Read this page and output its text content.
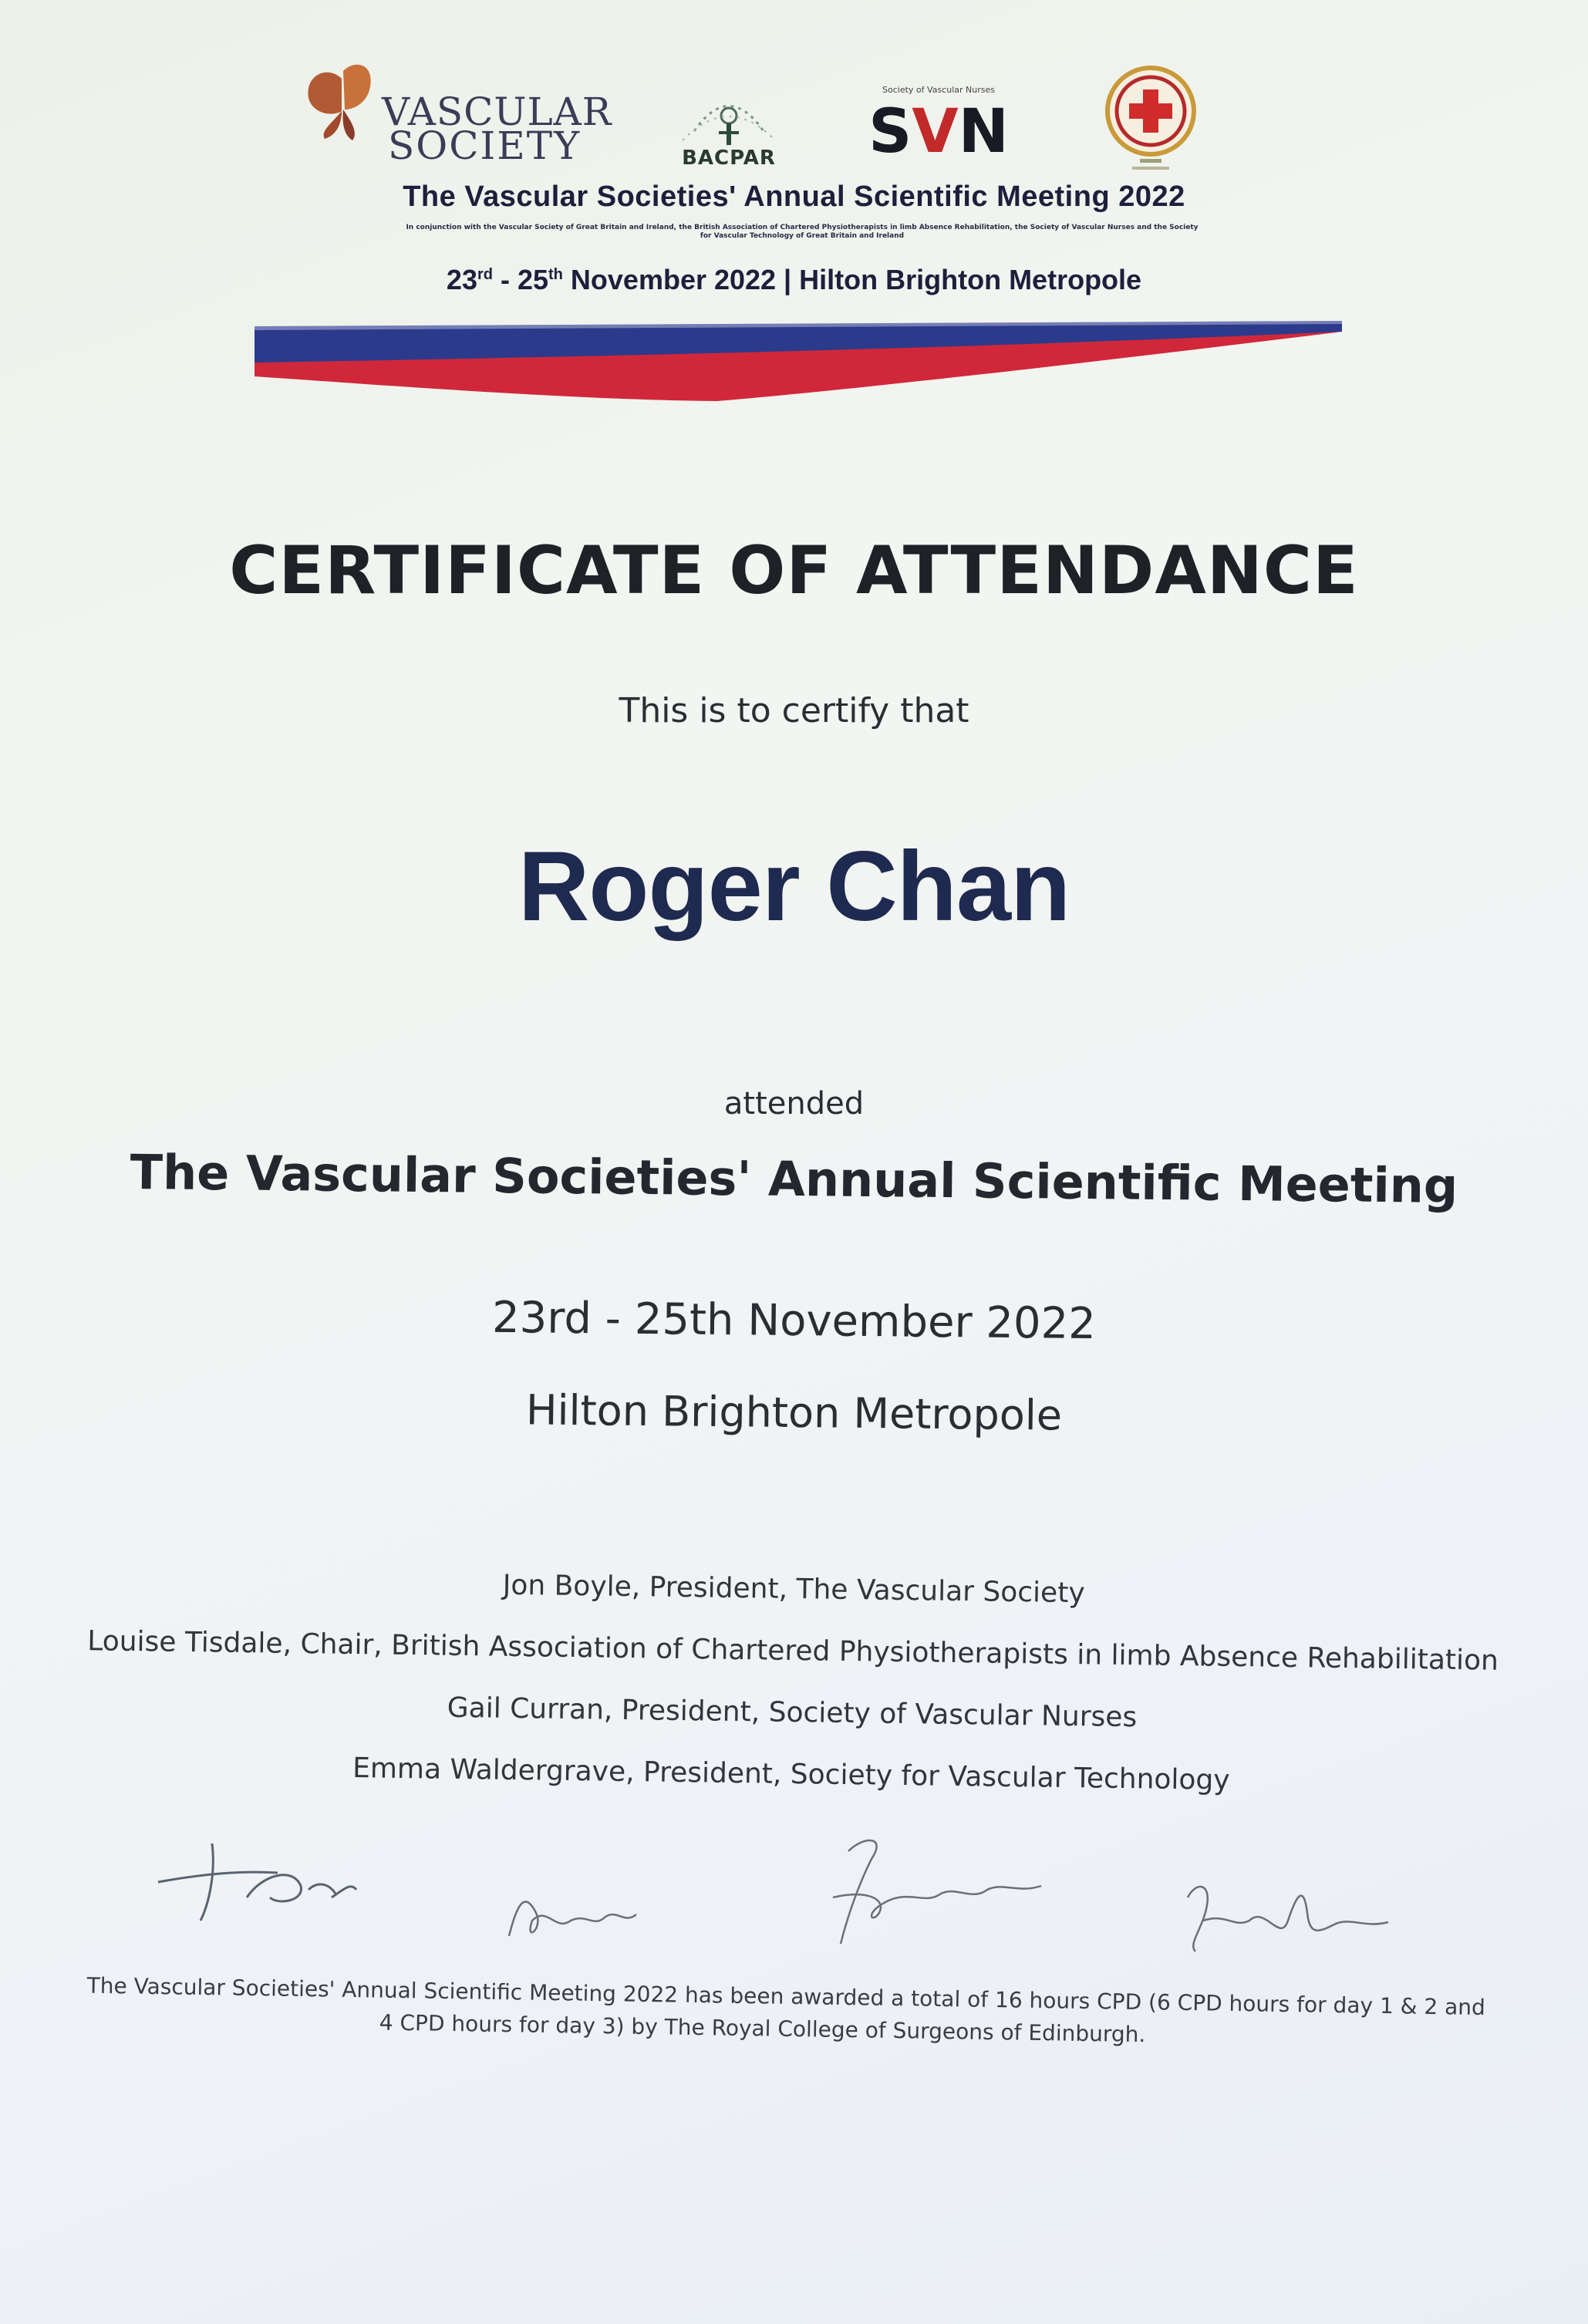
VASCULAR
SOCIETY	BACPAR
Society of Vascular Nurses
SVN
The Vascular Societies' Annual Scientific Meeting 2022
In conjunction with the Vascular Society of Great Britain and Ireland, the British Association of Chartered Physiotherapists in limb Absence Rehabilitation, the Society of Vascular Nurses and the Society for Vascular Technology of Great Britain and Ireland
23rd - 25th November 2022 | Hilton Brighton Metropole
CERTIFICATE OF ATTENDANCE
This is to certify that
Roger Chan
attended
The Vascular Societies' Annual Scientific Meeting
23rd - 25th November 2022
Hilton Brighton Metropole
Jon Boyle, President, The Vascular Society
Louise Tisdale, Chair, British Association of Chartered Physiotherapists in limb Absence Rehabilitation
Gail Curran, President, Society of Vascular Nurses
Emma Waldergrave, President, Society for Vascular Technology
The Vascular Societies' Annual Scientific Meeting 2022 has been awarded a total of 16 hours CPD (6 CPD hours for day 1 & 2 and
4 CPD hours for day 3) by The Royal College of Surgeons of Edinburgh.
